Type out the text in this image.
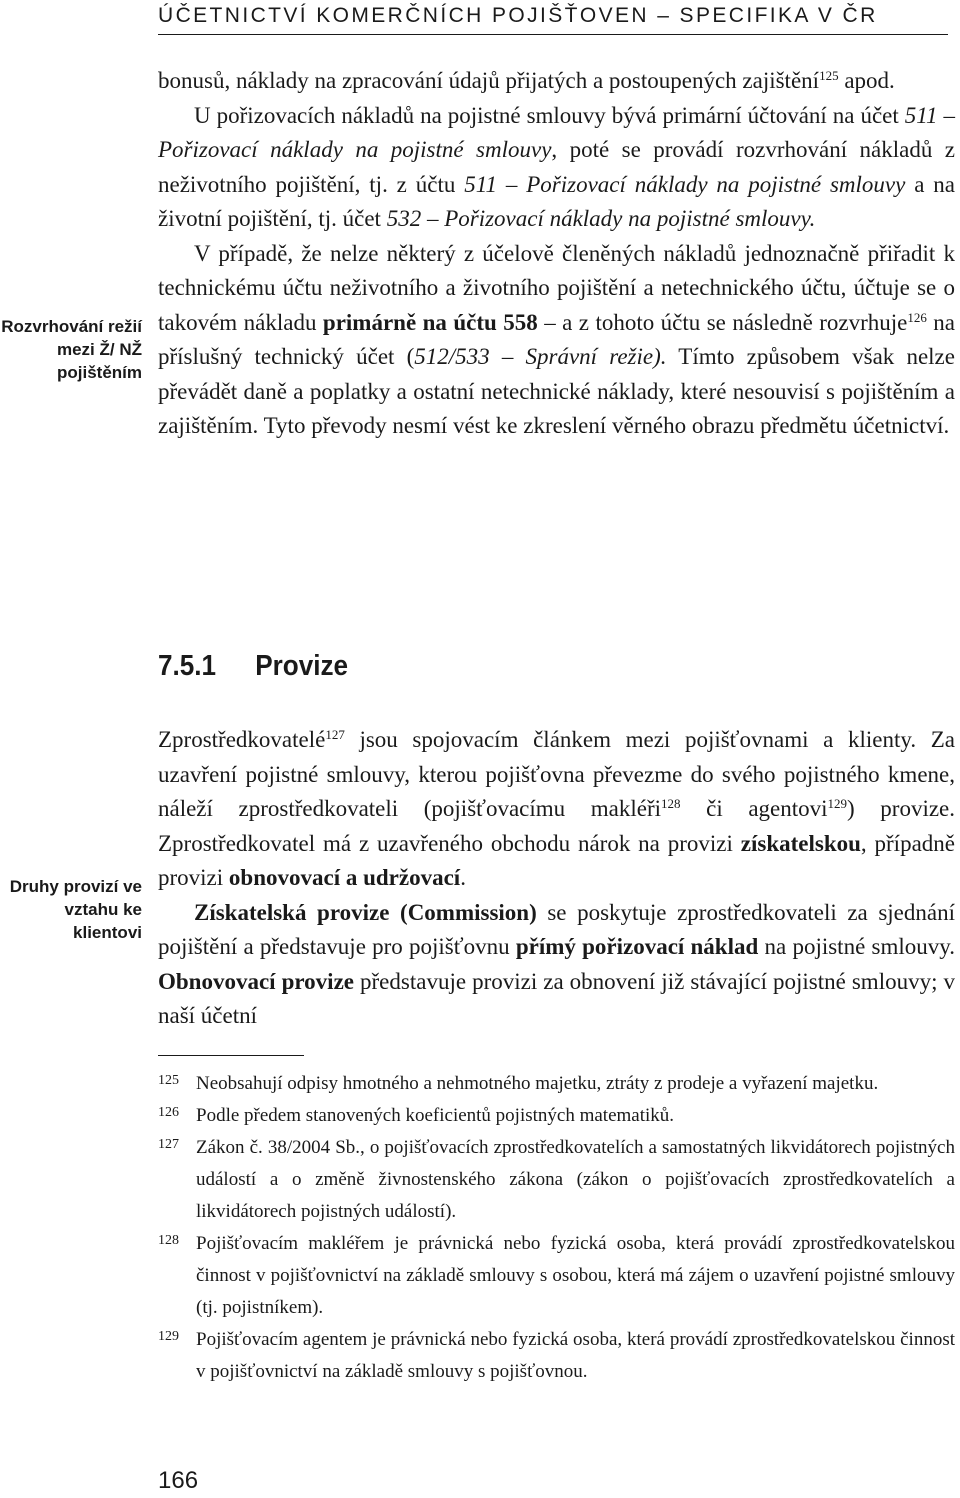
ÚČETNICTVÍ KOMERČNÍCH POJIŠŤOVEN – SPECIFIKA V ČR

bonusů, náklady na zpracování údajů přijatých a postoupených zajištění$^{125}$ apod.

U pořizovacích nákladů na pojistné smlouvy bývá primární účtování na účet 511 – Pořizovací náklady na pojistné smlouvy, poté se provádí rozvrhování nákladů z neživotního pojištění, tj. z účtu 511 – Pořizovací náklady na pojistné smlouvy a na životní pojištění, tj. účet 532 – Pořizovací náklady na pojistné smlouvy.

V případě, že nelze některý z účelově členěných nákladů jednoznačně přiřadit k technickému účtu neživotního a životního pojištění a netechnického účtu, účtuje se o takovém nákladu primárně na účtu 558 – a z tohoto účtu se následně rozvrhuje$^{126}$ na příslušný technický účet (512/533 – Správní režie). Tímto způsobem však nelze převádět daně a poplatky a ostatní netechnické náklady, které nesouvisí s pojištěním a zajištěním. Tyto převody nesmí vést ke zkreslení věrného obrazu předmětu účetnictví.

Rozvrhování režií mezi Ž/ NŽ pojištěním
7.5.1 Provize

Zprostředkovatelé$^{127}$ jsou spojovacím článkem mezi pojišťovnami a klienty. Za uzavření pojistné smlouvy, kterou pojišťovna převezme do svého pojistného kmene, náleží zprostředkovateli (pojišťovacímu makléři$^{128}$ či agentovi$^{129}$) provize. Zprostředkovatel má z uzavřeného obchodu nárok na provizi získatelskou, případně provizi obnovovací a udržovací.

Získatelská provize (Commission) se poskytuje zprostředkovateli za sjednání pojištění a představuje pro pojišťovnu přímý pořizovací náklad na pojistné smlouvy. Obnovovací provize představuje provizi za obnovení již stávající pojistné smlouvy; v naší účetní

Druhy provizí ve vztahu ke klientovi
125 Neobsahují odpisy hmotného a nehmotného majetku, ztráty z prodeje a vyřazení majetku.
126 Podle předem stanovených koeficientů pojistných matematiků.
127 Zákon č. 38/2004 Sb., o pojišťovacích zprostředkovatelích a samostatných likvidátorech pojistných událostí a o změně živnostenského zákona (zákon o pojišťovacích zprostředkovatelích a likvidátorech pojistných událostí).
128 Pojišťovacím makléřem je právnická nebo fyzická osoba, která provádí zprostředkovatelskou činnost v pojišťovnictví na základě smlouvy s osobou, která má zájem o uzavření pojistné smlouvy (tj. pojistníkem).
129 Pojišťovacím agentem je právnická nebo fyzická osoba, která provádí zprostředkovatelskou činnost v pojišťovnictví na základě smlouvy s pojišťovnou.
166
